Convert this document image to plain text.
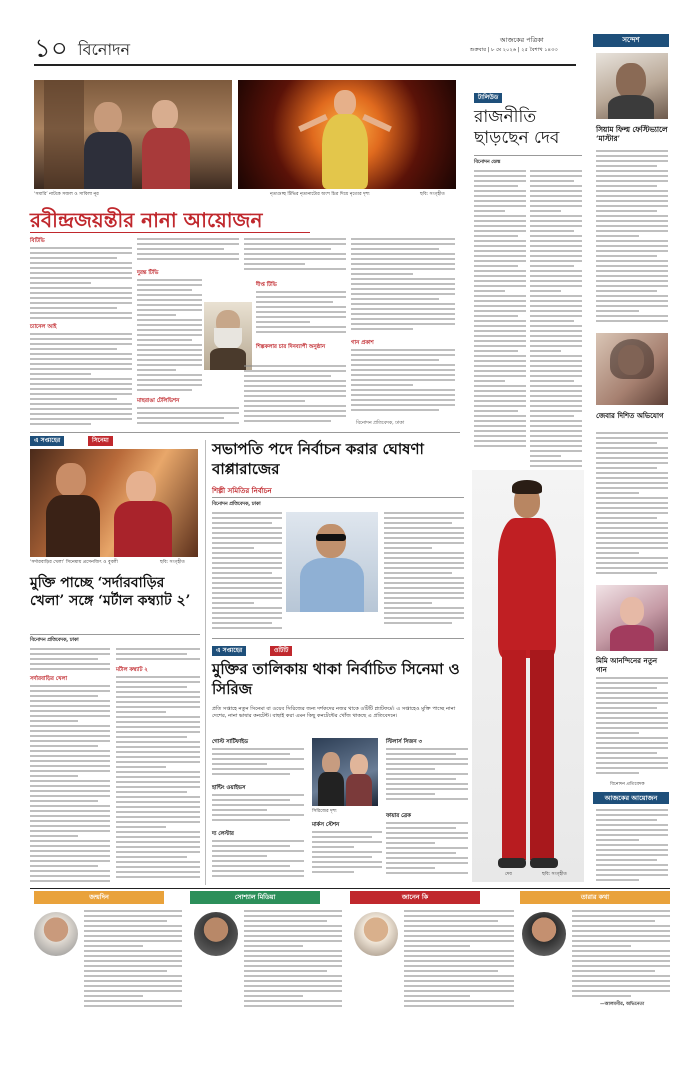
১০ বিনোদন	আজকের পত্রিকা
শুক্রবার | ৮ মে ২০২৬ | ২৫ বৈশাখ ১৪৩৩
সন্দেশ
সিয়াম ফিল্ম ফেস্টিভ্যালে ‘মাস্টার’
জেবার দিশিত অভিযোগ
মিমি আনন্দিনের নতুন গান
বিনোদন প্রতিবেদক
আজকের আয়োজন
‘সমারি’ নাটকে সজল ও সাবিলা নূর	নৃত্যগুচ্ছ টিভির নৃত্যনাট্যের অংশ চিত্র দিয়ে নৃত্যের দৃশ্য	ছবি: সংগৃহীত
টালিউড
রাজনীতি ছাড়ছেন দেব
বিনোদন ডেস্ক
দেব	ছবি: সংগৃহীত
রবীন্দ্রজয়ন্তীর নানা আয়োজন
বিটিভি
চ্যানেল আই
দুরন্ত টিভি
মাছরাঙা টেলিভিশন
দীপ্ত টিভি
শিল্পকলার চার দিনব্যাপী অনুষ্ঠান
গান প্রকাশ
বিনোদন প্রতিবেদক, ঢাকা
এ সপ্তাহের	সিনেমা
‘সর্দারবাড়ির খেলা’ সিনেমায় প্রসেনজিৎ ও বুবলী	ছবি: সংগৃহীত
মুক্তি পাচ্ছে ‘সর্দারবাড়ির খেলা’ সঙ্গে ‘মর্টাল কম্ব্যাট ২’
বিনোদন প্রতিবেদক, ঢাকা
সর্দারবাড়ির খেলা
মর্টাল কম্ব্যাট ২
সভাপতি পদে নির্বাচন করার ঘোষণা বাপ্পারাজের
শিল্পী সমিতির নির্বাচন
বিনোদন প্রতিবেদক, ঢাকা
এ সপ্তাহের	ওটিটি
মুক্তির তালিকায় থাকা নির্বাচিত সিনেমা ও সিরিজ
প্রতি সপ্তাহে নতুন সিনেমা বা ওয়েব সিরিজের জন্য দর্শকদের নজর থাকে ওটিটি প্ল্যাটফর্মে। এ সপ্তাহেও মুক্তি পাচ্ছে নানা দেশের, নানা ভাষার কনটেন্ট। বাছাই করা এমন কিছু কনটেন্টের খোঁজ থাকছে এ প্রতিবেদনে।
সিরিজের দৃশ্য
গোস্ট সার্টিফাইড	স্টিলার্স সিজন ৩
হান্টিং ওয়াইভস
ফায়ার ব্রেক
দ্য লেস্টার
মার্কস স্টেশন
জন্মদিন	সোশ্যাল মিডিয়া	জানেন কি	তারার কথা
—আলমগীর, অভিনেতা
